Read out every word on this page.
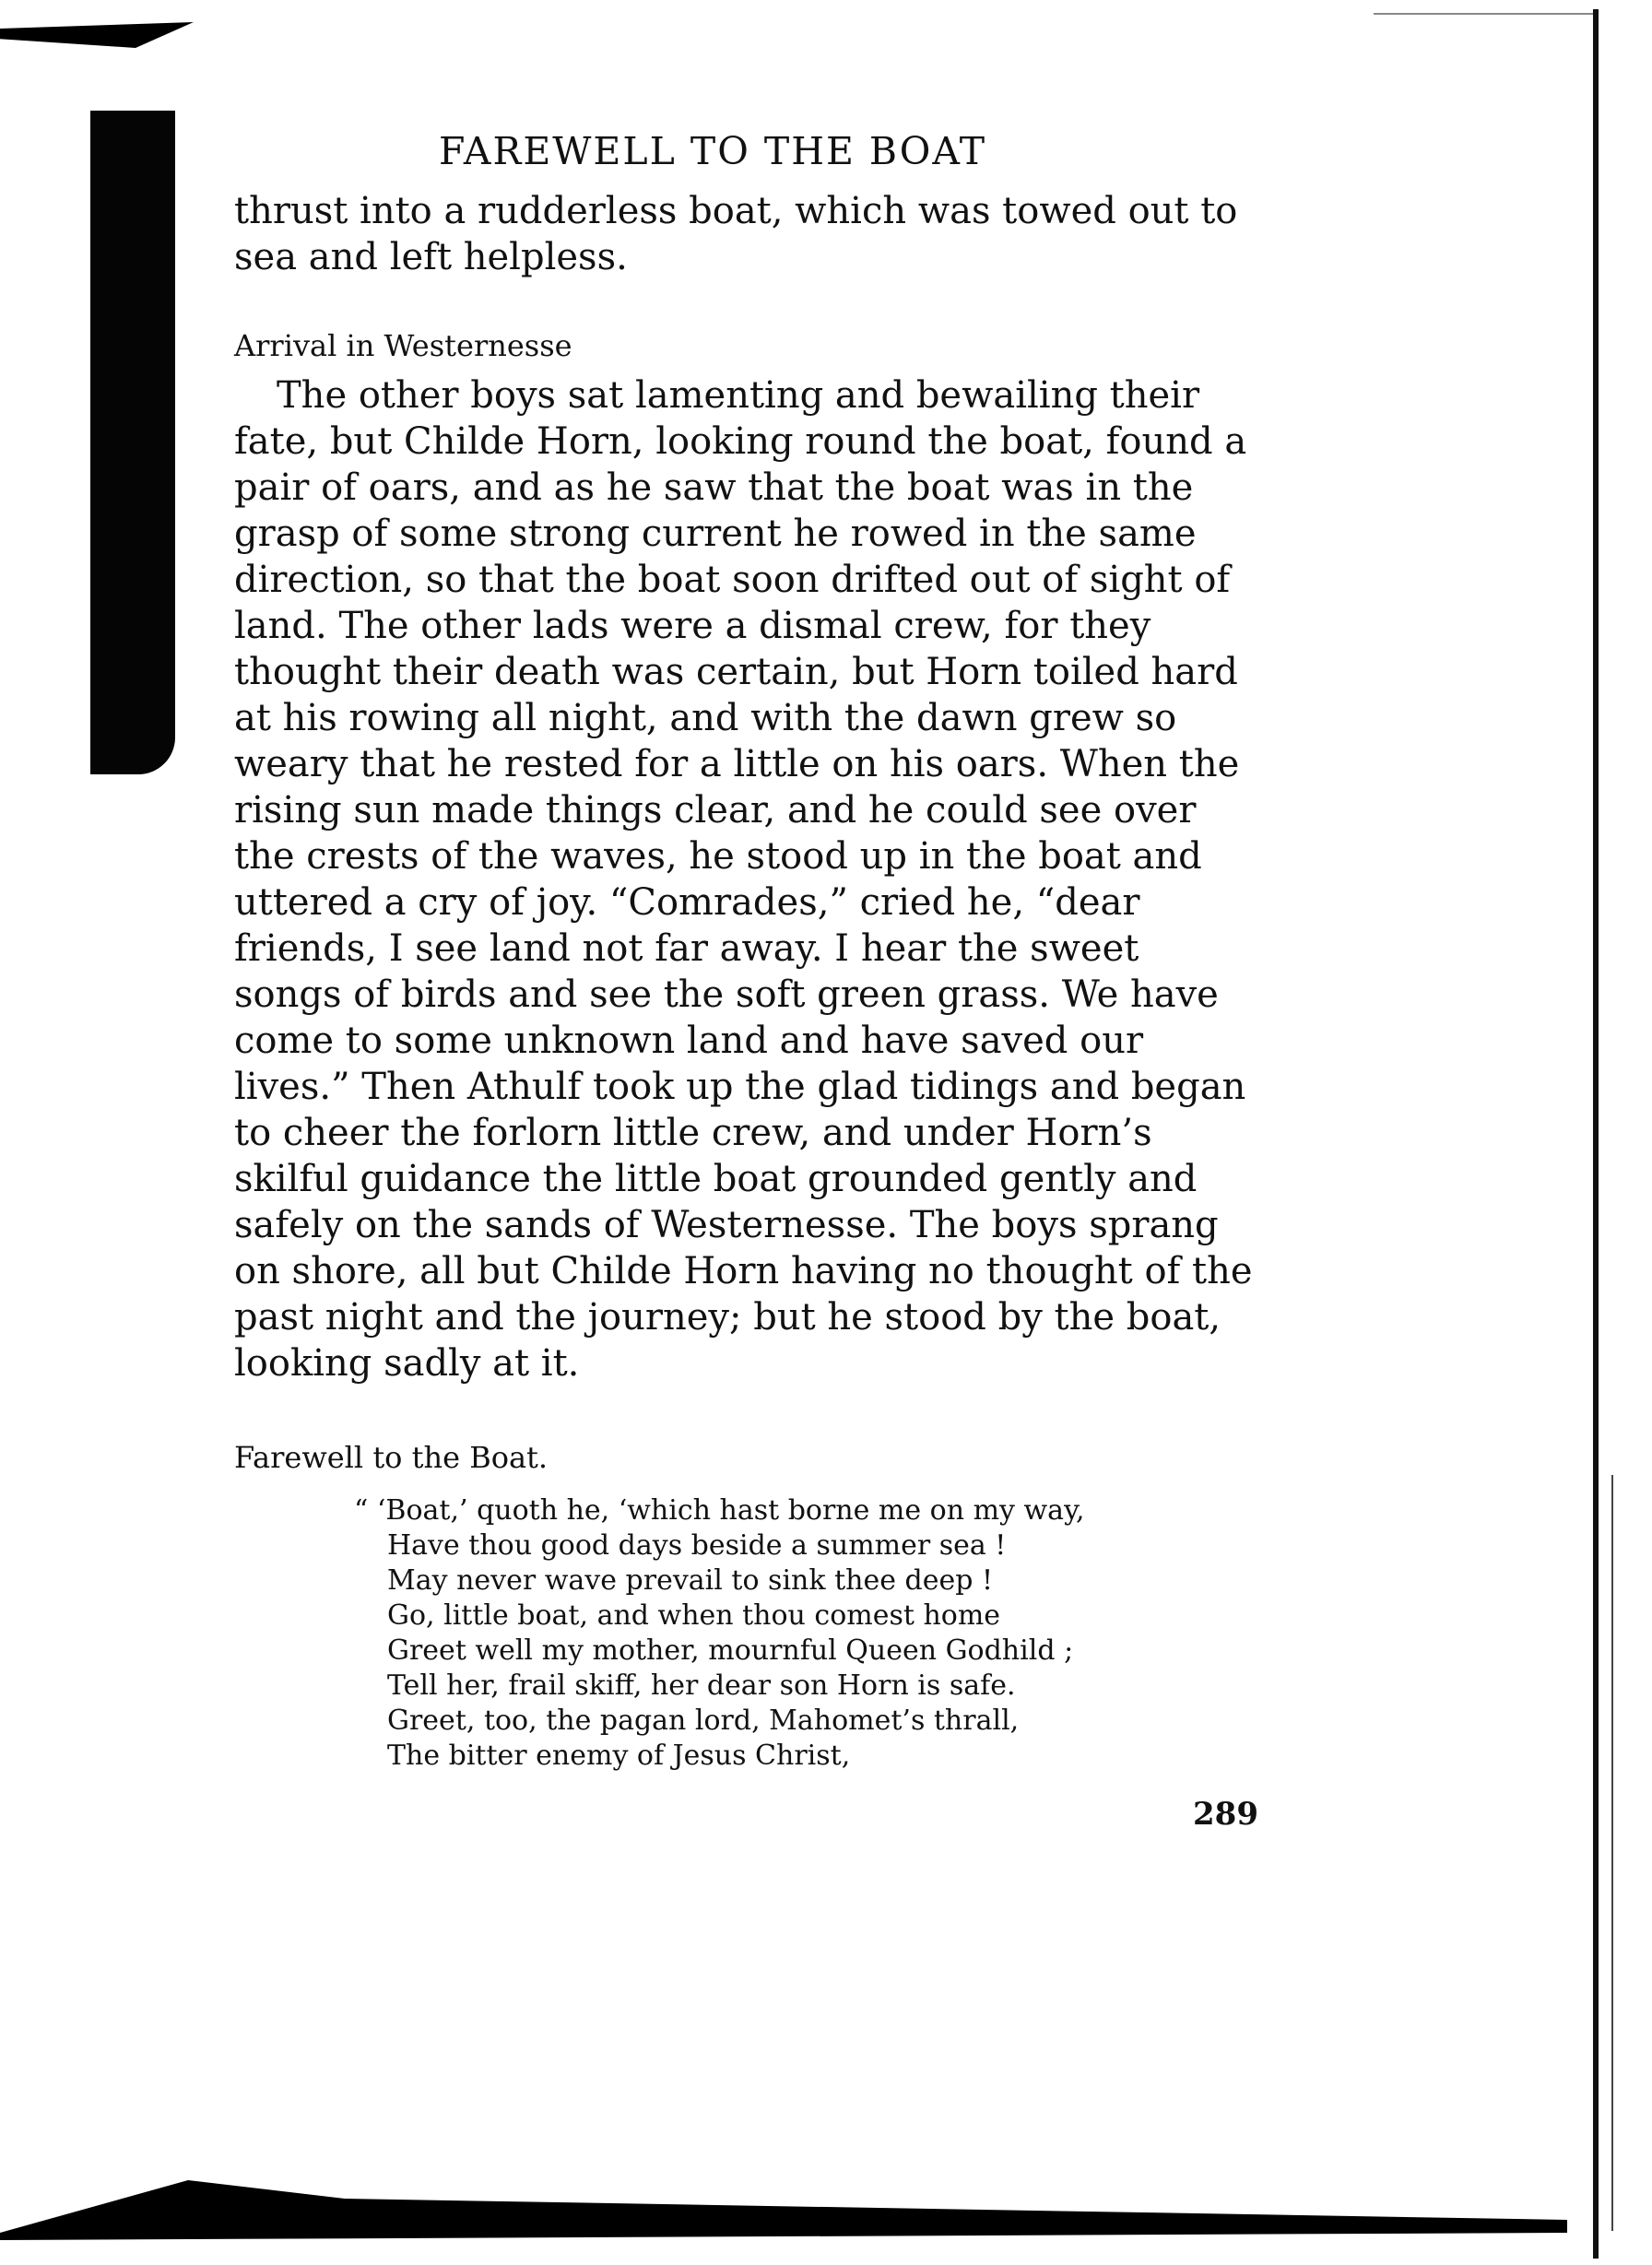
FAREWELL TO THE BOAT

thrust into a rudderless boat, which was towed out to sea and left helpless.

Arrival in Westernesse

The other boys sat lamenting and bewailing their fate, but Childe Horn, looking round the boat, found a pair of oars, and as he saw that the boat was in the grasp of some strong current he rowed in the same direction, so that the boat soon drifted out of sight of land. The other lads were a dismal crew, for they thought their death was certain, but Horn toiled hard at his rowing all night, and with the dawn grew so weary that he rested for a little on his oars. When the rising sun made things clear, and he could see over the crests of the waves, he stood up in the boat and uttered a cry of joy. “Comrades,” cried he, “dear friends, I see land not far away. I hear the sweet songs of birds and see the soft green grass. We have come to some unknown land and have saved our lives.” Then Athulf took up the glad tidings and began to cheer the forlorn little crew, and under Horn’s skilful guidance the little boat grounded gently and safely on the sands of Westernesse. The boys sprang on shore, all but Childe Horn having no thought of the past night and the journey; but he stood by the boat, looking sadly at it.

Farewell to the Boat.
“ ‘Boat,’ quoth he, ‘which hast borne me on my way,
Have thou good days beside a summer sea !
May never wave prevail to sink thee deep !
Go, little boat, and when thou comest home
Greet well my mother, mournful Queen Godhild ;
Tell her, frail skiff, her dear son Horn is safe.
Greet, too, the pagan lord, Mahomet’s thrall,
The bitter enemy of Jesus Christ,
289
